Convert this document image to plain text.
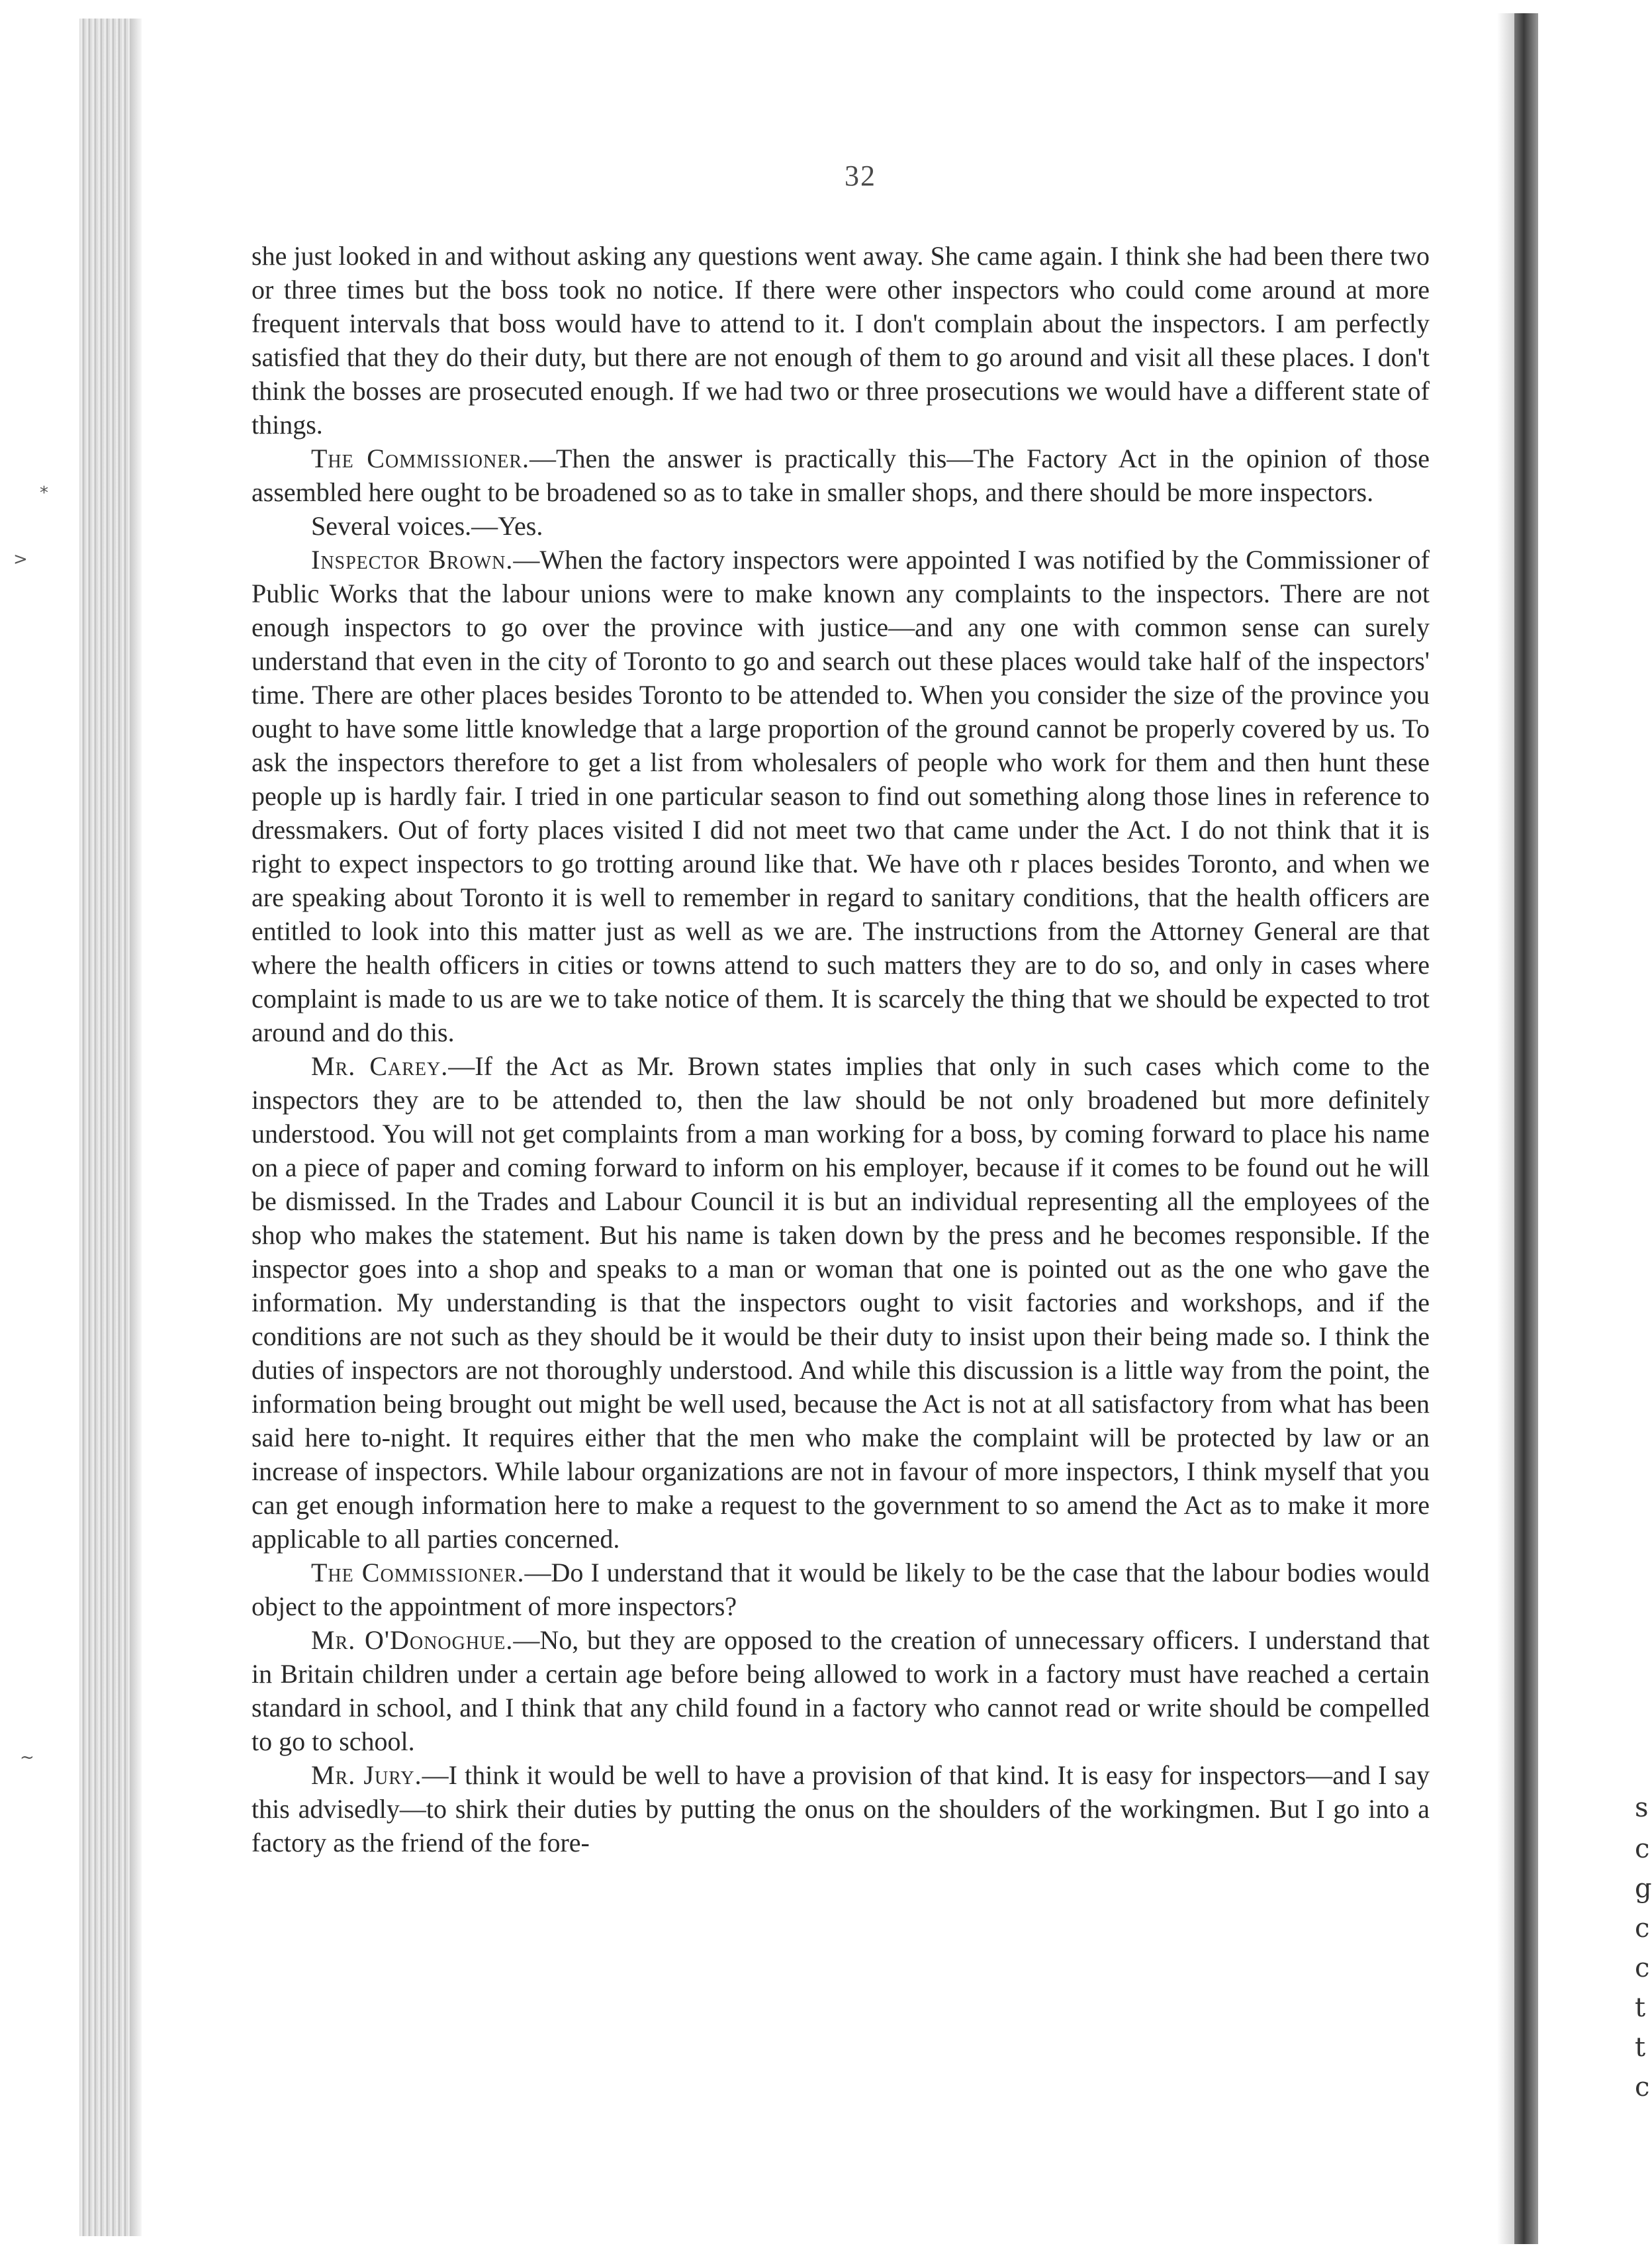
s
c
g
c
c
t
t
c
32

she just looked in and without asking any questions went away. She came again. I think she had been there two or three times but the boss took no notice. If there were other inspectors who could come around at more frequent intervals that boss would have to attend to it. I don't complain about the inspectors. I am perfectly satisfied that they do their duty, but there are not enough of them to go around and visit all these places. I don't think the bosses are prosecuted enough. If we had two or three prosecutions we would have a different state of things.

The Commissioner.—Then the answer is practically this—The Factory Act in the opinion of those assembled here ought to be broadened so as to take in smaller shops, and there should be more inspectors.

Several voices.—Yes.

Inspector Brown.—When the factory inspectors were appointed I was notified by the Commissioner of Public Works that the labour unions were to make known any complaints to the inspectors. There are not enough inspectors to go over the province with justice—and any one with common sense can surely understand that even in the city of Toronto to go and search out these places would take half of the inspectors' time. There are other places besides Toronto to be attended to. When you consider the size of the province you ought to have some little knowledge that a large proportion of the ground cannot be properly covered by us. To ask the inspectors therefore to get a list from wholesalers of people who work for them and then hunt these people up is hardly fair. I tried in one particular season to find out something along those lines in reference to dressmakers. Out of forty places visited I did not meet two that came under the Act. I do not think that it is right to expect inspectors to go trotting around like that. We have oth r places besides Toronto, and when we are speaking about Toronto it is well to remember in regard to sanitary conditions, that the health officers are entitled to look into this matter just as well as we are. The instructions from the Attorney General are that where the health officers in cities or towns attend to such matters they are to do so, and only in cases where complaint is made to us are we to take notice of them. It is scarcely the thing that we should be expected to trot around and do this.

Mr. Carey.—If the Act as Mr. Brown states implies that only in such cases which come to the inspectors they are to be attended to, then the law should be not only broadened but more definitely understood. You will not get complaints from a man working for a boss, by coming forward to place his name on a piece of paper and coming forward to inform on his employer, because if it comes to be found out he will be dismissed. In the Trades and Labour Council it is but an individual representing all the employees of the shop who makes the statement. But his name is taken down by the press and he becomes responsible. If the inspector goes into a shop and speaks to a man or woman that one is pointed out as the one who gave the information. My understanding is that the inspectors ought to visit factories and workshops, and if the conditions are not such as they should be it would be their duty to insist upon their being made so. I think the duties of inspectors are not thoroughly understood. And while this discussion is a little way from the point, the information being brought out might be well used, because the Act is not at all satisfactory from what has been said here to-night. It requires either that the men who make the complaint will be protected by law or an increase of inspectors. While labour organizations are not in favour of more inspectors, I think myself that you can get enough information here to make a request to the government to so amend the Act as to make it more applicable to all parties concerned.

The Commissioner.—Do I understand that it would be likely to be the case that the labour bodies would object to the appointment of more inspectors?

Mr. O'Donoghue.—No, but they are opposed to the creation of unnecessary officers. I understand that in Britain children under a certain age before being allowed to work in a factory must have reached a certain standard in school, and I think that any child found in a factory who cannot read or write should be compelled to go to school.

Mr. Jury.—I think it would be well to have a provision of that kind. It is easy for inspectors—and I say this advisedly—to shirk their duties by putting the onus on the shoulders of the workingmen. But I go into a factory as the friend of the fore-

*
>
~
